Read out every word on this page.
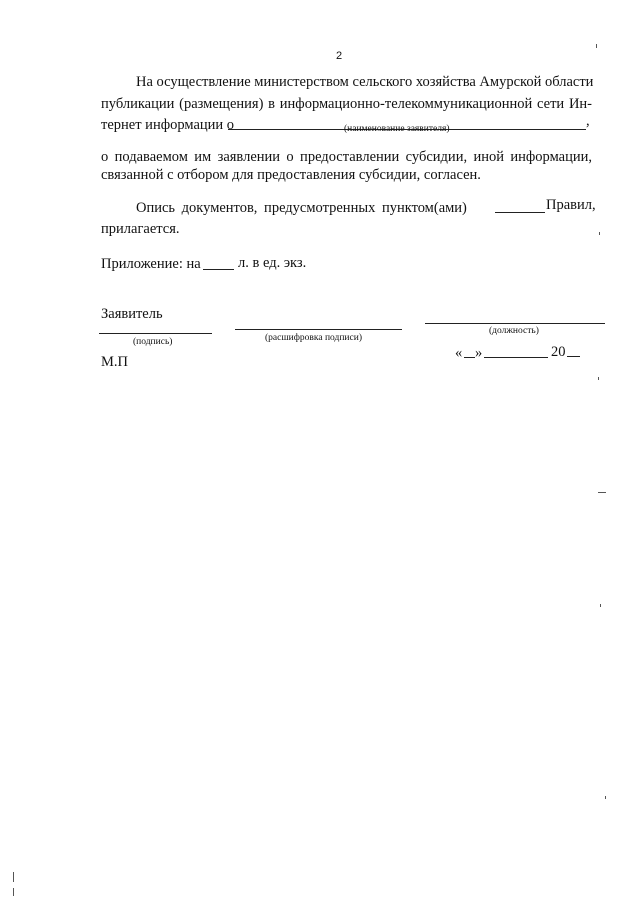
2
На осуществление министерством сельского хозяйства Амурской области
публикации (размещения) в информационно-телекоммуникационной сети Ин-
тернет информации о	,
(наименование заявителя)
о подаваемом им заявлении о предоставлении субсидии, иной информации,
связанной с отбором для предоставления субсидии, согласен.
Опись документов, предусмотренных пунктом(ами)	Правил,
прилагается.
Приложение: на	л. в ед. экз.
Заявитель
(подпись)	(расшифровка подписи)
(должность)
М.П
« »	20
